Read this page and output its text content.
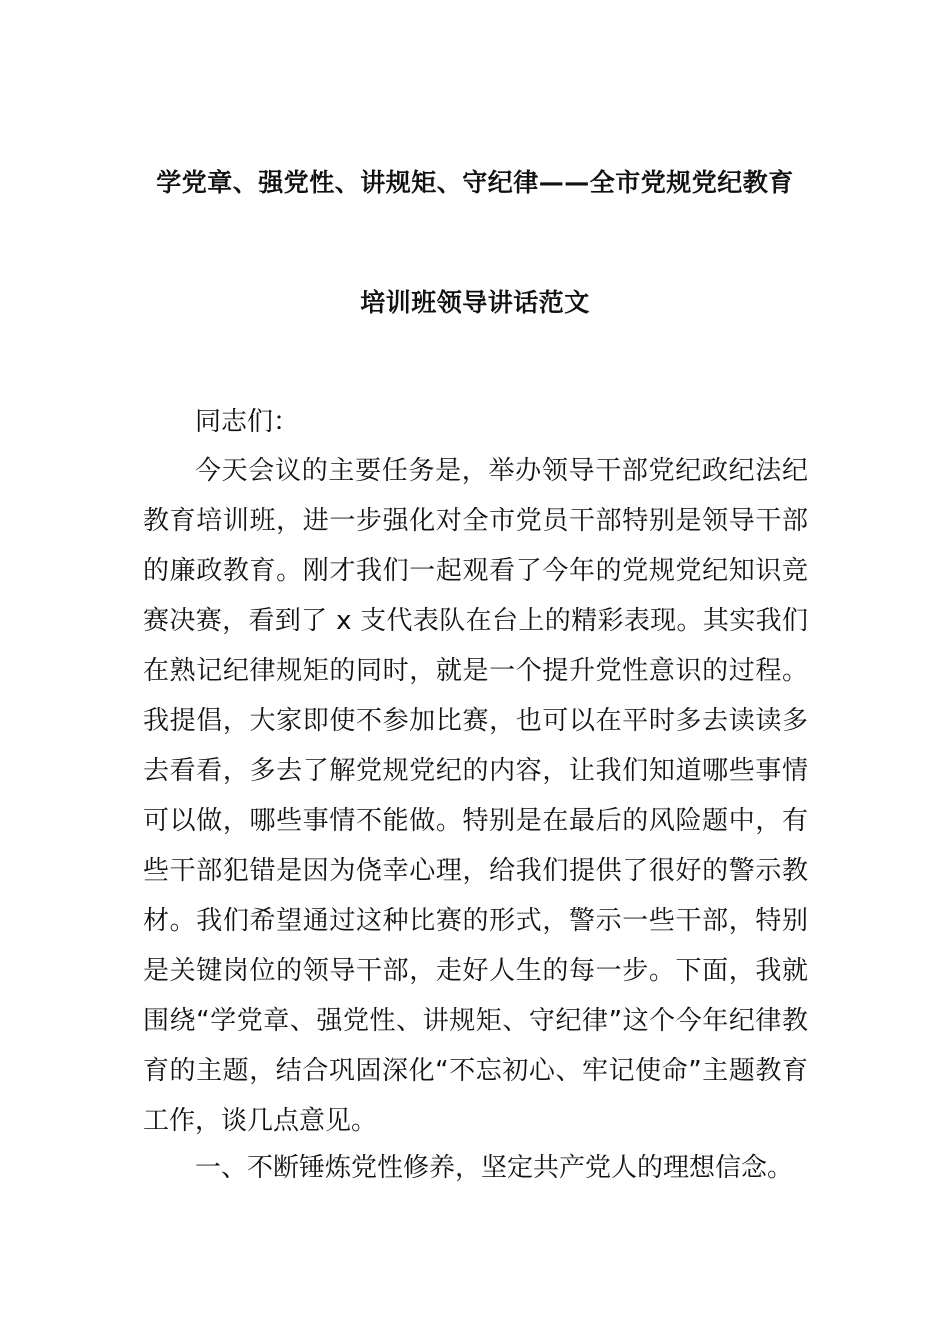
学党章、强党性、讲规矩、守纪律——全市党规党纪教育
培训班领导讲话范文
同志们：
今天会议的主要任务是，举办领导干部党纪政纪法纪教育培训班，进一步强化对全市党员干部特别是领导干部的廉政教育。刚才我们一起观看了今年的党规党纪知识竞赛决赛，看到了 x 支代表队在台上的精彩表现。其实我们在熟记纪律规矩的同时，就是一个提升党性意识的过程。我提倡，大家即使不参加比赛，也可以在平时多去读读多去看看，多去了解党规党纪的内容，让我们知道哪些事情可以做，哪些事情不能做。特别是在最后的风险题中，有些干部犯错是因为侥幸心理，给我们提供了很好的警示教材。我们希望通过这种比赛的形式，警示一些干部，特别是关键岗位的领导干部，走好人生的每一步。下面，我就围绕“学党章、强党性、讲规矩、守纪律”这个今年纪律教育的主题，结合巩固深化“不忘初心、牢记使命”主题教育工作，谈几点意见。
一、不断锤炼党性修养，坚定共产党人的理想信念。
